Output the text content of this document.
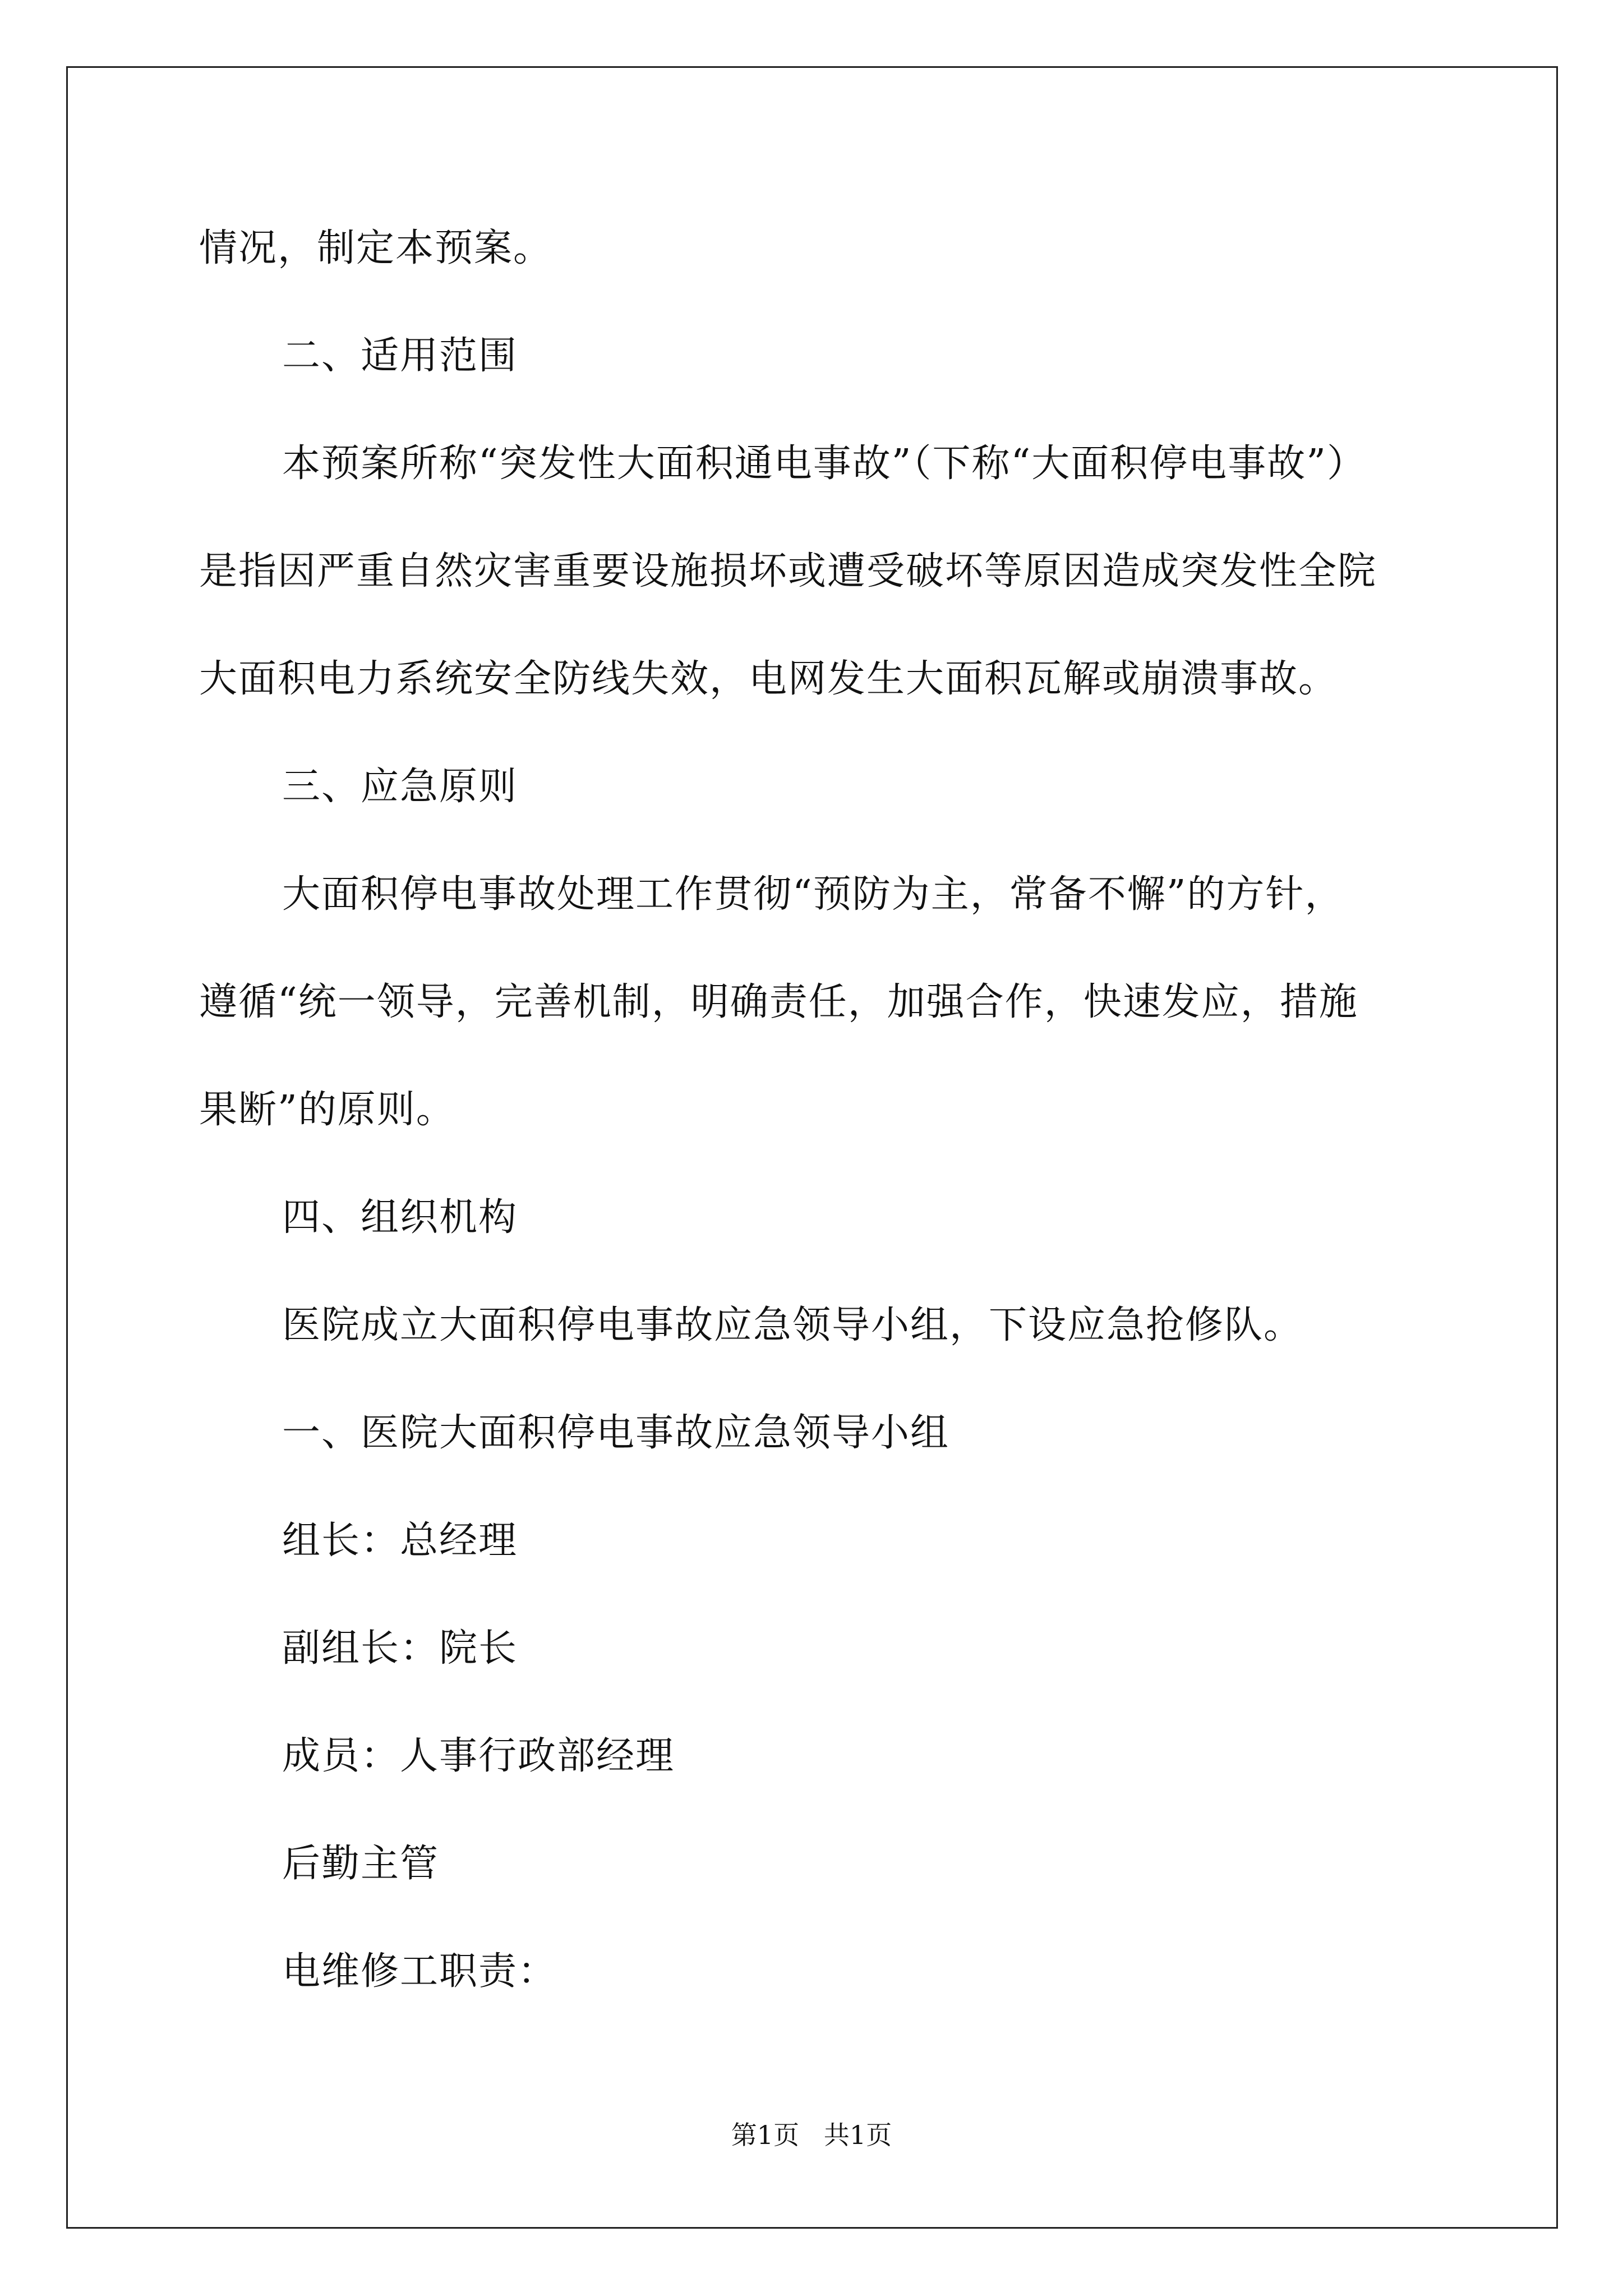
情况，制定本预案。
二、适用范围
本预案所称“突发性大面积通电事故”（下称“大面积停电事故”）
是指因严重自然灾害重要设施损坏或遭受破坏等原因造成突发性全院
大面积电力系统安全防线失效，电网发生大面积瓦解或崩溃事故。
三、应急原则
大面积停电事故处理工作贯彻“预防为主，常备不懈”的方针，
遵循“统一领导，完善机制，明确责任，加强合作，快速发应，措施
果断”的原则。
四、组织机构
医院成立大面积停电事故应急领导小组，下设应急抢修队。
一、医院大面积停电事故应急领导小组
组长：总经理
副组长：院长
成员：人事行政部经理
后勤主管
电维修工职责：
第1页   共1页
